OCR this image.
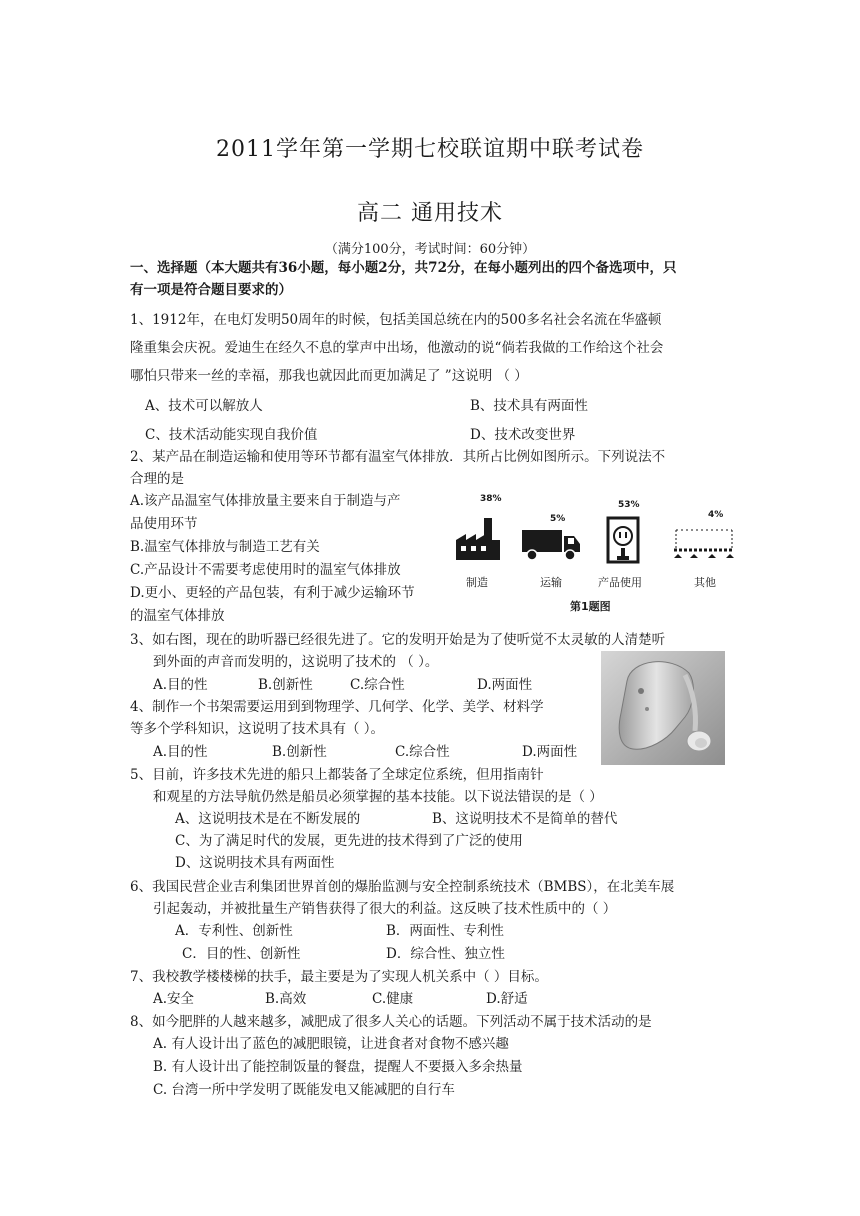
2011学年第一学期七校联谊期中联考试卷
高二 通用技术
（满分100分，考试时间：60分钟）
一、选择题（本大题共有36小题，每小题2分，共72分，在每小题列出的四个备选项中，只
有一项是符合题目要求的）
1、1912年，在电灯发明50周年的时候，包括美国总统在内的500多名社会名流在华盛顿
隆重集会庆祝。爱迪生在经久不息的掌声中出场，他激动的说“倘若我做的工作给这个社会
哪怕只带来一丝的幸福，那我也就因此而更加满足了 ”这说明 （ ）
A、技术可以解放人	B、技术具有两面性
C、技术活动能实现自我价值	D、技术改变世界
2、某产品在制造运输和使用等环节都有温室气体排放．其所占比例如图所示。下列说法不
合理的是
A.该产品温室气体排放量主要来自于制造与产
品使用环节
B.温室气体排放与制造工艺有关
C.产品设计不需要考虑使用时的温室气体排放
D.更小、更轻的产品包装，有利于减少运输环节
的温室气体排放
38%
5%
53%
4%
制造	运输	产品使用	其他
第1题图
3、如右图，现在的助听器已经很先进了。它的发明开始是为了使听觉不太灵敏的人清楚听
到外面的声音而发明的，这说明了技术的 （ ）。
A.目的性	B.创新性	C.综合性	D.两面性
4、制作一个书架需要运用到到物理学、几何学、化学、美学、材料学
等多个学科知识，这说明了技术具有（ ）。
A.目的性	B.创新性	C.综合性	D.两面性
5、目前，许多技术先进的船只上都装备了全球定位系统，但用指南针
和观星的方法导航仍然是船员必须掌握的基本技能。以下说法错误的是（ ）
A、这说明技术是在不断发展的	B、这说明技术不是简单的替代
C、为了满足时代的发展，更先进的技术得到了广泛的使用
D、这说明技术具有两面性
6、我国民营企业吉利集团世界首创的爆胎监测与安全控制系统技术（BMBS），在北美车展
引起轰动，并被批量生产销售获得了很大的利益。这反映了技术性质中的（ ）
A．专利性、创新性	B．两面性、专利性
C．目的性、创新性	D．综合性、独立性
7、我校教学楼楼梯的扶手，最主要是为了实现人机关系中（ ）目标。
A.安全	B.高效	C.健康	D.舒适
8、如今肥胖的人越来越多，减肥成了很多人关心的话题。下列活动不属于技术活动的是
A. 有人设计出了蓝色的减肥眼镜，让进食者对食物不感兴趣
B. 有人设计出了能控制饭量的餐盘，提醒人不要摄入多余热量
C. 台湾一所中学发明了既能发电又能减肥的自行车
